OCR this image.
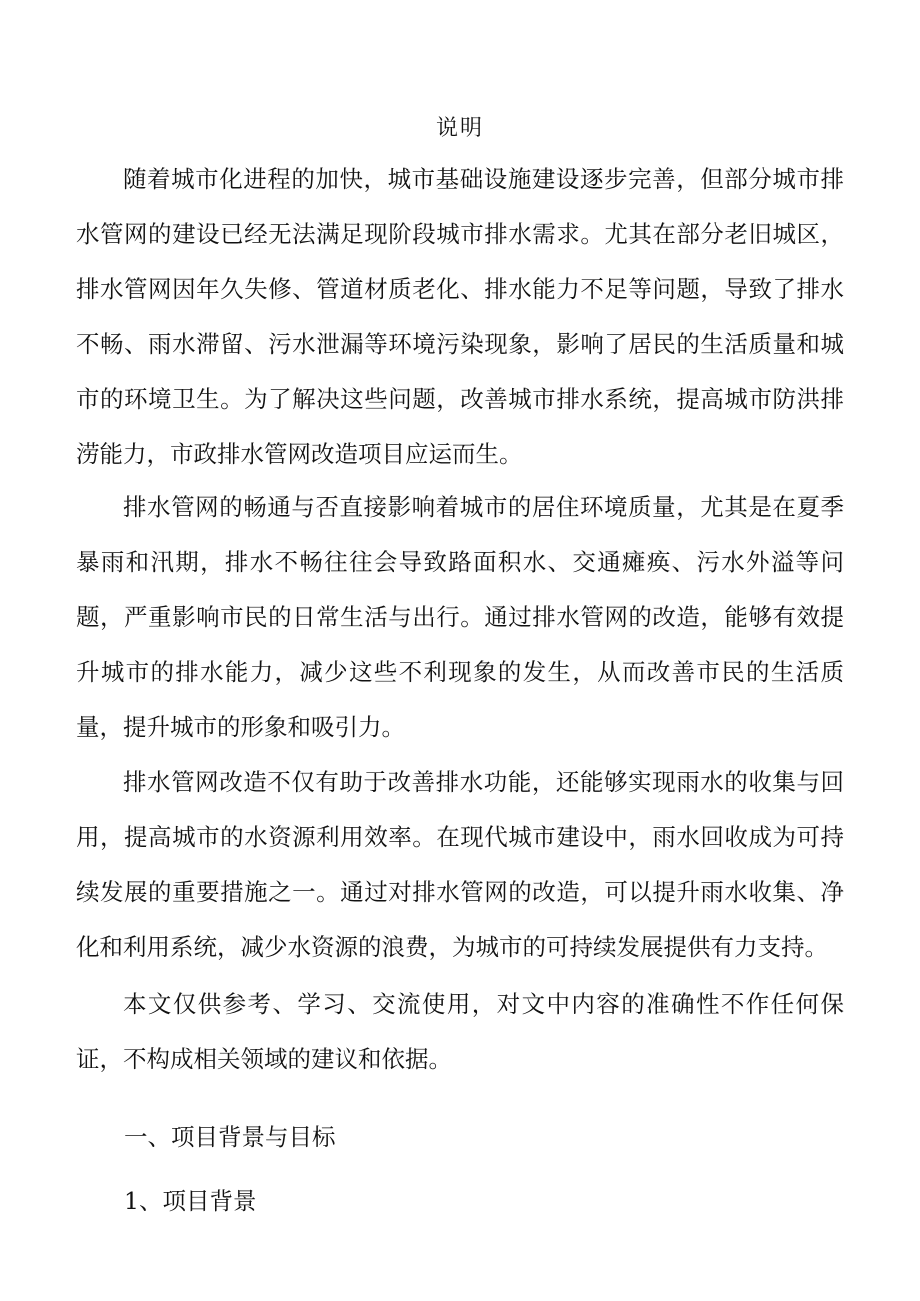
说明

随着城市化进程的加快，城市基础设施建设逐步完善，但部分城市排水管网的建设已经无法满足现阶段城市排水需求。尤其在部分老旧城区，排水管网因年久失修、管道材质老化、排水能力不足等问题，导致了排水不畅、雨水滞留、污水泄漏等环境污染现象，影响了居民的生活质量和城市的环境卫生。为了解决这些问题，改善城市排水系统，提高城市防洪排涝能力，市政排水管网改造项目应运而生。

排水管网的畅通与否直接影响着城市的居住环境质量，尤其是在夏季暴雨和汛期，排水不畅往往会导致路面积水、交通瘫痪、污水外溢等问题，严重影响市民的日常生活与出行。通过排水管网的改造，能够有效提升城市的排水能力，减少这些不利现象的发生，从而改善市民的生活质量，提升城市的形象和吸引力。

排水管网改造不仅有助于改善排水功能，还能够实现雨水的收集与回用，提高城市的水资源利用效率。在现代城市建设中，雨水回收成为可持续发展的重要措施之一。通过对排水管网的改造，可以提升雨水收集、净化和利用系统，减少水资源的浪费，为城市的可持续发展提供有力支持。

本文仅供参考、学习、交流使用，对文中内容的准确性不作任何保证，不构成相关领域的建议和依据。

一、项目背景与目标
1、项目背景
